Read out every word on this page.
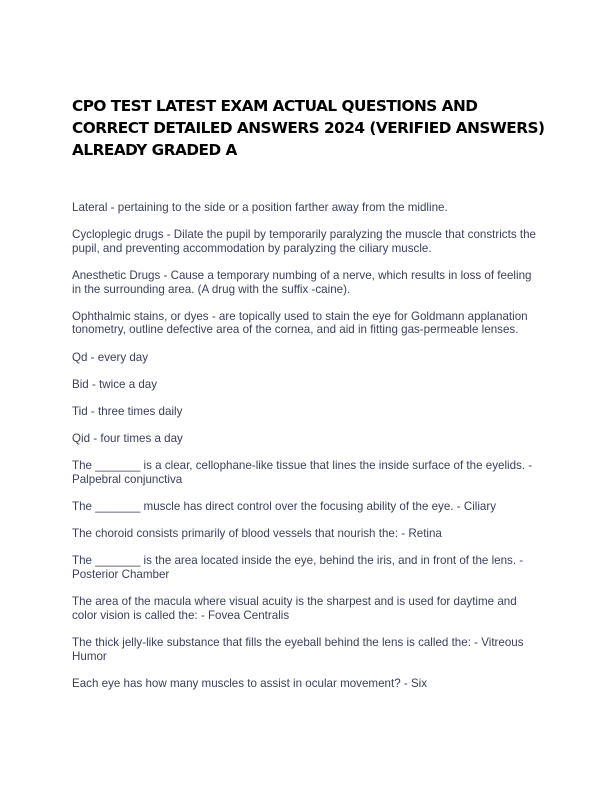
CPO TEST LATEST EXAM ACTUAL QUESTIONS AND CORRECT DETAILED ANSWERS 2024 (VERIFIED ANSWERS) ALREADY GRADED A
Lateral - pertaining to the side or a position farther away from the midline.
Cycloplegic drugs - Dilate the pupil by temporarily paralyzing the muscle that constricts the pupil, and preventing accommodation by paralyzing the ciliary muscle.
Anesthetic Drugs - Cause a temporary numbing of a nerve, which results in loss of feeling in the surrounding area. (A drug with the suffix -caine).
Ophthalmic stains, or dyes - are topically used to stain the eye for Goldmann applanation tonometry, outline defective area of the cornea, and aid in fitting gas-permeable lenses.
Qd - every day
Bid - twice a day
Tid - three times daily
Qid - four times a day
The _______ is a clear, cellophane-like tissue that lines the inside surface of the eyelids. - Palpebral conjunctiva
The _______ muscle has direct control over the focusing ability of the eye. - Ciliary
The choroid consists primarily of blood vessels that nourish the: - Retina
The _______ is the area located inside the eye, behind the iris, and in front of the lens. - Posterior Chamber
The area of the macula where visual acuity is the sharpest and is used for daytime and color vision is called the: - Fovea Centralis
The thick jelly-like substance that fills the eyeball behind the lens is called the: - Vitreous Humor
Each eye has how many muscles to assist in ocular movement? - Six
